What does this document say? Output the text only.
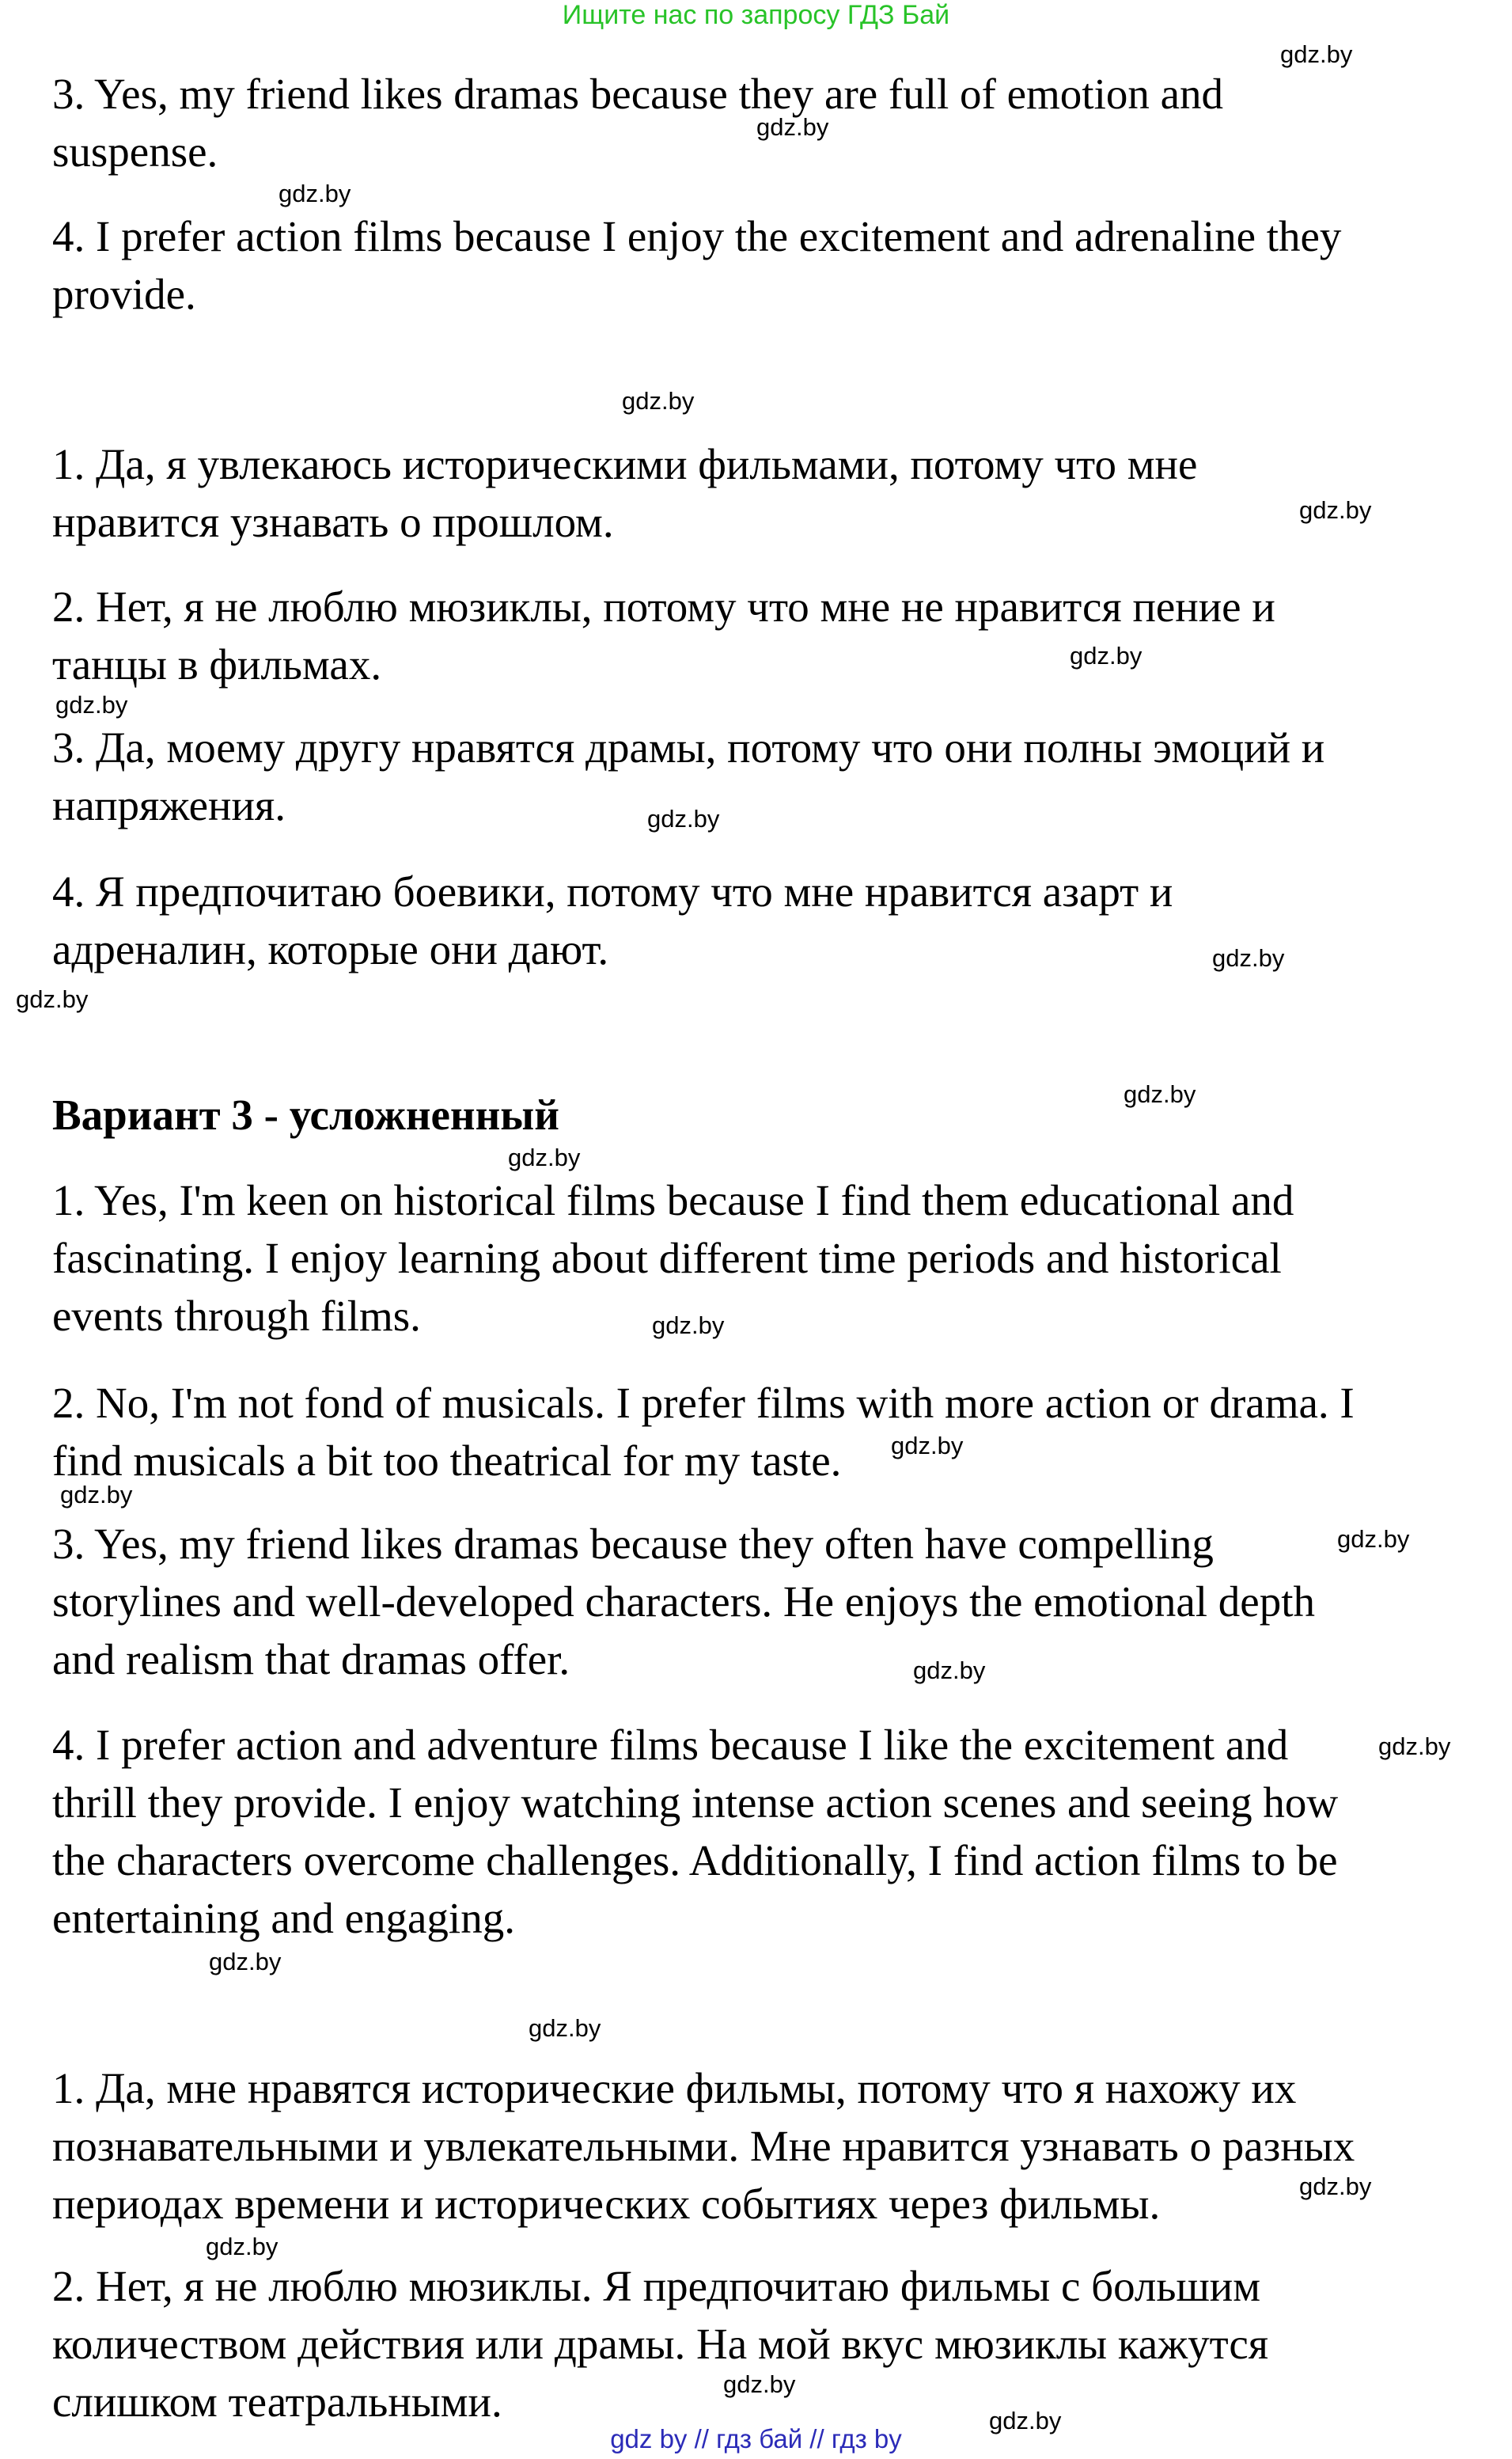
Ищите нас по запросу ГДЗ Бай

3. Yes, my friend likes dramas because they are full of emotion and
suspense.

4. I prefer action films because I enjoy the excitement and adrenaline they
provide.

1. Да, я увлекаюсь историческими фильмами, потому что мне
нравится узнавать о прошлом.

2. Нет, я не люблю мюзиклы, потому что мне не нравится пение и
танцы в фильмах.

3. Да, моему другу нравятся драмы, потому что они полны эмоций и
напряжения.

4. Я предпочитаю боевики, потому что мне нравится азарт и
адреналин, которые они дают.

Вариант 3 - усложненный

1. Yes, I'm keen on historical films because I find them educational and
fascinating. I enjoy learning about different time periods and historical
events through films.

2. No, I'm not fond of musicals. I prefer films with more action or drama. I
find musicals a bit too theatrical for my taste.

3. Yes, my friend likes dramas because they often have compelling
storylines and well-developed characters. He enjoys the emotional depth
and realism that dramas offer.

4. I prefer action and adventure films because I like the excitement and
thrill they provide. I enjoy watching intense action scenes and seeing how
the characters overcome challenges. Additionally, I find action films to be
entertaining and engaging.

1. Да, мне нравятся исторические фильмы, потому что я нахожу их
познавательными и увлекательными. Мне нравится узнавать о разных
периодах времени и исторических событиях через фильмы.

2. Нет, я не люблю мюзиклы. Я предпочитаю фильмы с большим
количеством действия или драмы. На мой вкус мюзиклы кажутся
слишком театральными.

gdz.by
gdz.by
gdz.by
gdz.by
gdz.by
gdz.by
gdz.by
gdz.by
gdz.by
gdz.by
gdz.by
gdz.by
gdz.by
gdz.by
gdz.by
gdz.by
gdz.by
gdz.by
gdz.by
gdz.by
gdz.by
gdz.by
gdz.by
gdz.by
gdz by // гдз бай // гдз by
